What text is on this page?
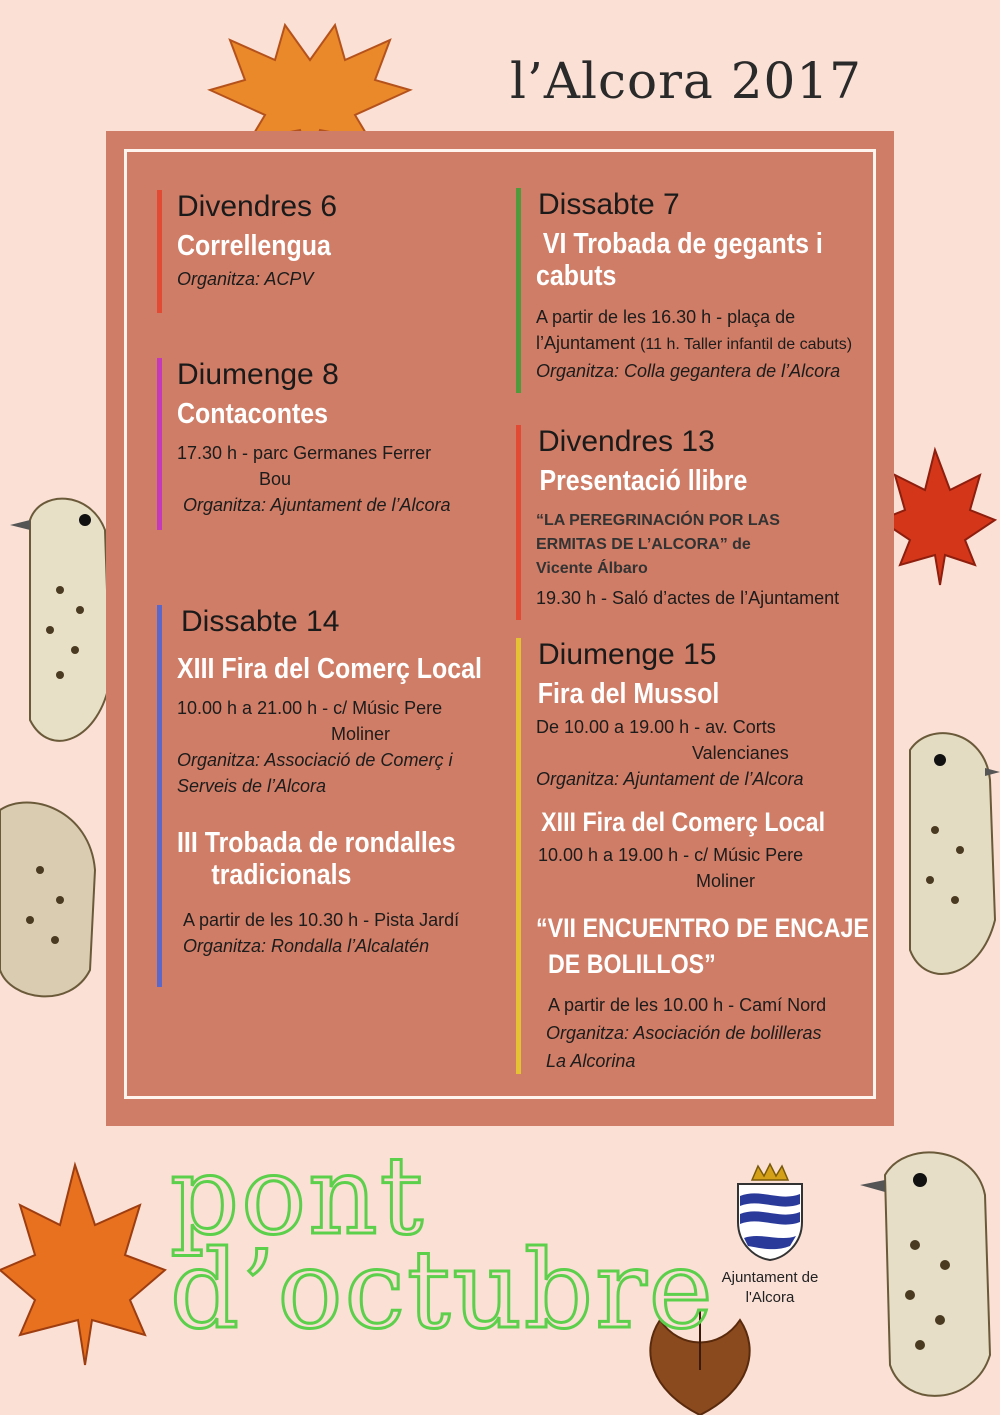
l’Alcora 2017
Divendres 6
Correllengua
Organitza: ACPV
Diumenge 8
Contacontes
17.30 h - parc Germanes Ferrer
Bou
Organitza: Ajuntament de l’Alcora
Dissabte 14
XIII Fira del Comerç Local
10.00 h a 21.00 h - c/ Músic Pere
Moliner
Organitza: Associació de Comerç i
Serveis de l’Alcora
III Trobada de rondalles
tradicionals
A partir de les 10.30 h - Pista Jardí
Organitza: Rondalla l’Alcalatén
Dissabte 7
VI Trobada de gegants i
cabuts
A partir de les 16.30 h - plaça de
l’Ajuntament (11 h. Taller infantil de cabuts)
Organitza: Colla gegantera de l’Alcora
Divendres 13
Presentació llibre
“LA PEREGRINACIÓN POR LAS
ERMITAS DE L’ALCORA” de
Vicente Álbaro
19.30 h - Saló d’actes de l’Ajuntament
Diumenge 15
Fira del Mussol
De 10.00 a 19.00 h - av. Corts
Valencianes
Organitza: Ajuntament de l’Alcora
XIII Fira del Comerç Local
10.00 h a 19.00 h - c/ Músic Pere
Moliner
“VII ENCUENTRO DE ENCAJE
DE BOLILLOS”
A partir de les 10.00 h - Camí Nord
Organitza: Asociación de bolilleras
La Alcorina
pont
d’octubre Ajuntament de
l'Alcora
